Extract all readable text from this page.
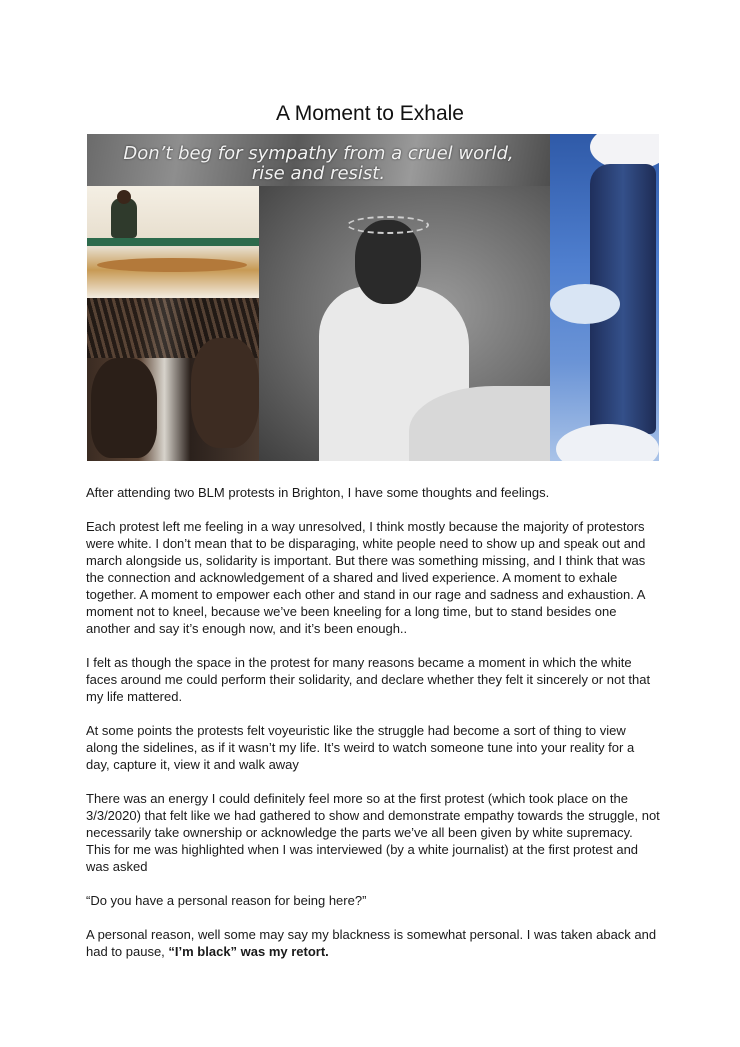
A Moment to Exhale
Don’t beg for sympathy from a cruel world,
rise and resist.

After attending two BLM protests in Brighton, I have some thoughts and feelings.

Each protest left me feeling in a way unresolved, I think mostly because the majority of protestors were white. I don’t mean that to be disparaging, white people need to show up and speak out and march alongside us, solidarity is important. But there was something missing, and I think that was the connection and acknowledgement of a shared and lived experience. A moment to exhale together. A moment to empower each other and stand in our rage and sadness and exhaustion. A moment not to kneel, because we’ve been kneeling for a long time, but to stand besides one another and say it’s enough now, and it’s been enough..

I felt as though the space in the protest for many reasons became a moment in which the white faces around me could perform their solidarity, and declare whether they felt it sincerely or not that my life mattered.

At some points the protests felt voyeuristic like the struggle had become a sort of thing to view along the sidelines, as if it wasn’t my life. It’s weird to watch someone tune into your reality for a day, capture it, view it and walk away

There was an energy I could definitely feel more so at the first protest (which took place on the 3/3/2020) that felt like we had gathered to show and demonstrate empathy towards the struggle, not necessarily take ownership or acknowledge the parts we’ve all been given by white supremacy. This for me was highlighted when I was interviewed (by a white journalist) at the first protest and was asked

“Do you have a personal reason for being here?”

A personal reason, well some may say my blackness is somewhat personal. I was taken aback and had to pause, “I’m black” was my retort.
